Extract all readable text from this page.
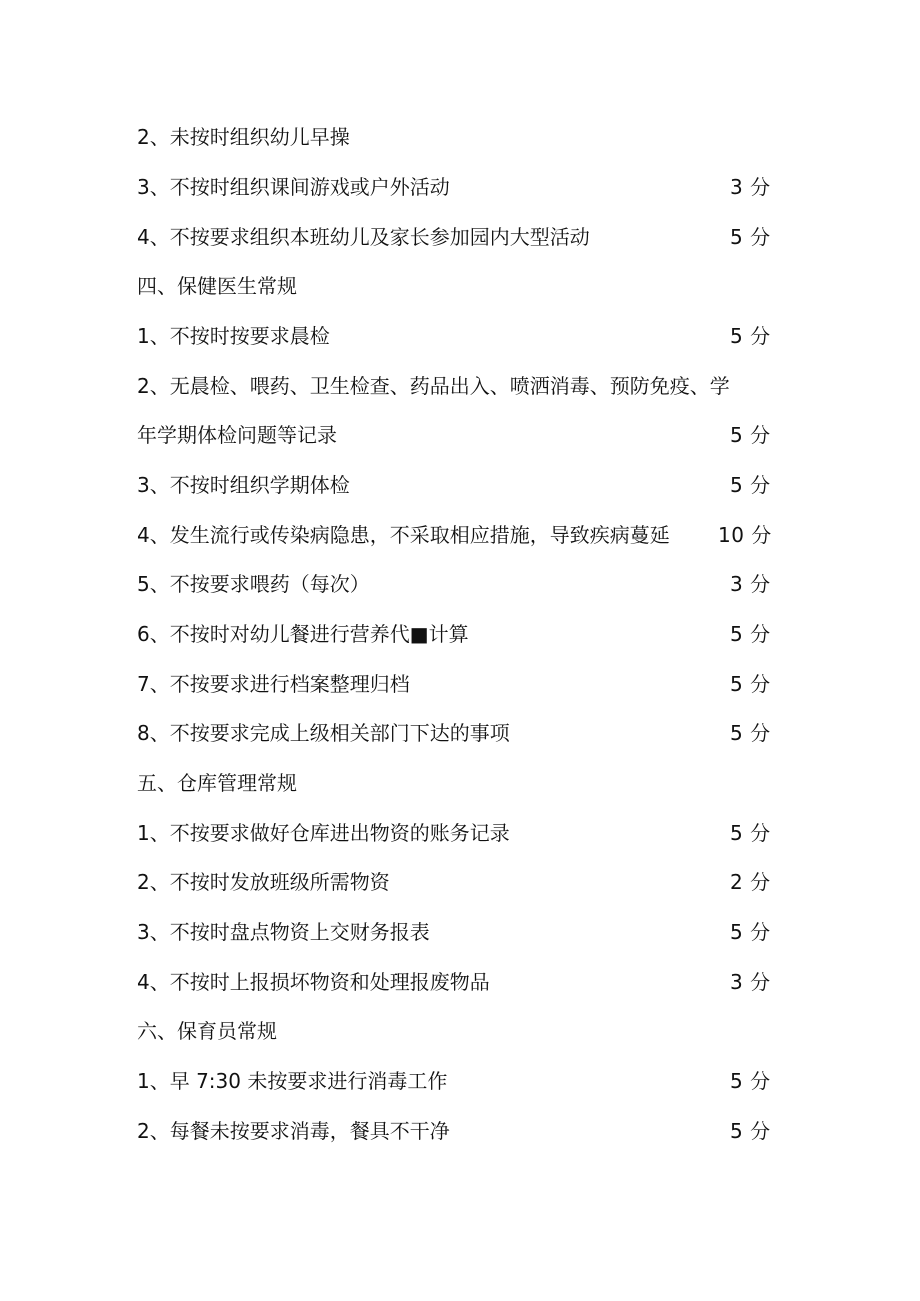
2、未按时组织幼儿早操
3、不按时组织课间游戏或户外活动	3 分
4、不按要求组织本班幼儿及家长参加园内大型活动	5 分
四、保健医生常规
1、不按时按要求晨检	5 分
2、无晨检、喂药、卫生检查、药品出入、喷洒消毒、预防免疫、学
年学期体检问题等记录	5 分
3、不按时组织学期体检	5 分
4、发生流行或传染病隐患，不采取相应措施，导致疾病蔓延 10 分
5、不按要求喂药（每次）	3 分
6、不按时对幼儿餐进行营养代■计算	5 分
7、不按要求进行档案整理归档	5 分
8、不按要求完成上级相关部门下达的事项	5 分
五、仓库管理常规
1、不按要求做好仓库进出物资的账务记录	5 分
2、不按时发放班级所需物资	2 分
3、不按时盘点物资上交财务报表	5 分
4、不按时上报损坏物资和处理报废物品	3 分
六、保育员常规
1、早 7:30 未按要求进行消毒工作	5 分
2、每餐未按要求消毒，餐具不干净	5 分
